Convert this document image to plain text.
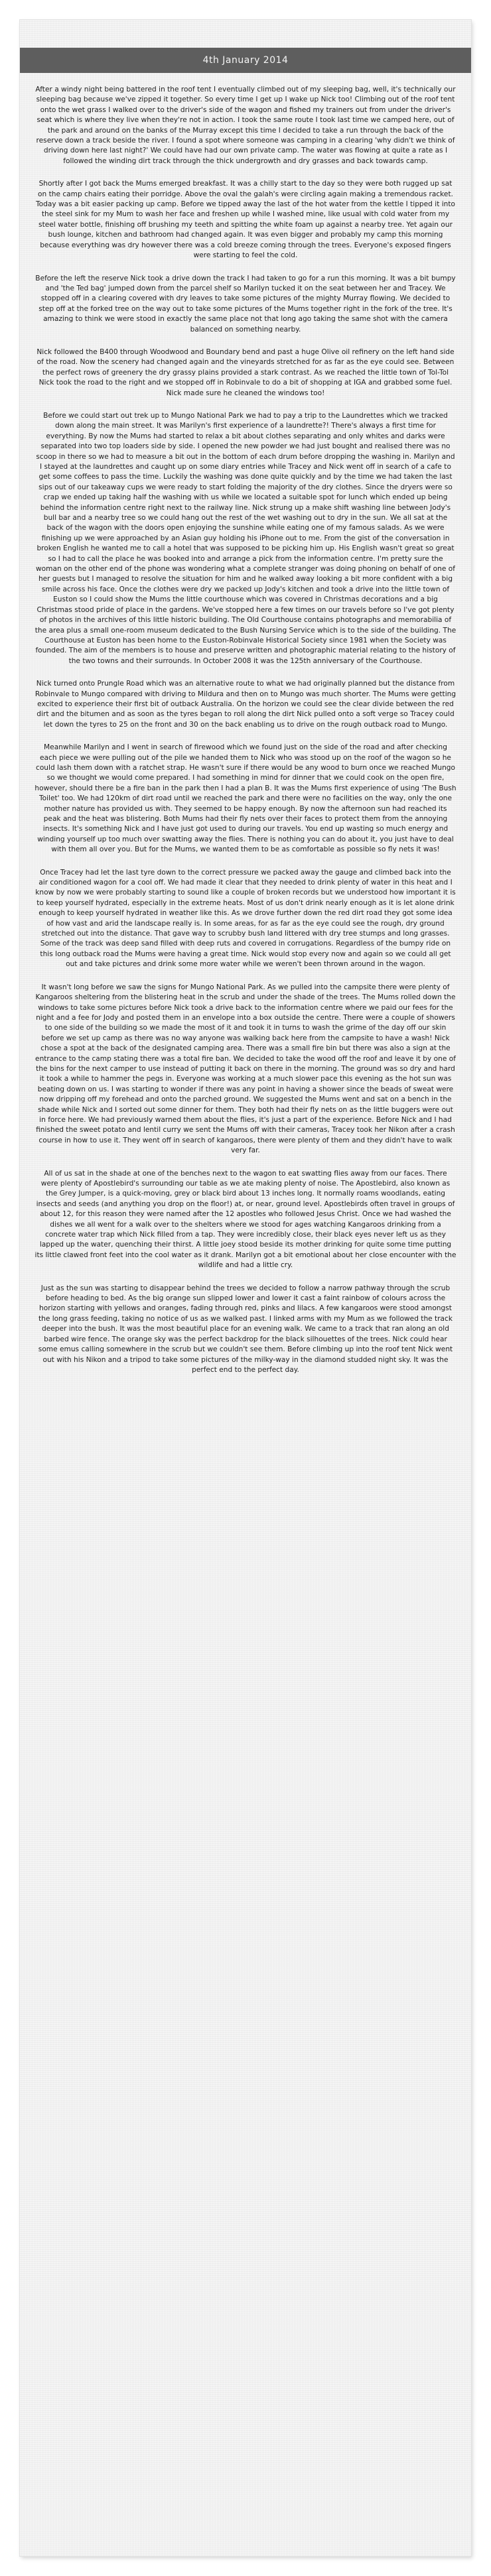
4th January 2014

After a windy night being battered in the roof tent I eventually climbed out of my sleeping bag, well, it's technically our sleeping bag because we've zipped it together. So every time I get up I wake up Nick too! Climbing out of the roof tent onto the wet grass I walked over to the driver's side of the wagon and fished my trainers out from under the driver's seat which is where they live when they're not in action. I took the same route I took last time we camped here, out of the park and around on the banks of the Murray except this time I decided to take a run through the back of the reserve down a track beside the river. I found a spot where someone was camping in a clearing 'why didn't we think of driving down here last night?' We could have had our own private camp. The water was flowing at quite a rate as I followed the winding dirt track through the thick undergrowth and dry grasses and back towards camp.

Shortly after I got back the Mums emerged breakfast. It was a chilly start to the day so they were both rugged up sat on the camp chairs eating their porridge. Above the oval the galah's were circling again making a tremendous racket. Today was a bit easier packing up camp. Before we tipped away the last of the hot water from the kettle I tipped it into the steel sink for my Mum to wash her face and freshen up while I washed mine, like usual with cold water from my steel water bottle, finishing off brushing my teeth and spitting the white foam up against a nearby tree. Yet again our bush lounge, kitchen and bathroom had changed again. It was even bigger and probably my camp this morning because everything was dry however there was a cold breeze coming through the trees. Everyone's exposed fingers were starting to feel the cold.

Before the left the reserve Nick took a drive down the track I had taken to go for a run this morning. It was a bit bumpy and 'the Ted bag' jumped down from the parcel shelf so Marilyn tucked it on the seat between her and Tracey. We stopped off in a clearing covered with dry leaves to take some pictures of the mighty Murray flowing. We decided to step off at the forked tree on the way out to take some pictures of the Mums together right in the fork of the tree. It's amazing to think we were stood in exactly the same place not that long ago taking the same shot with the camera balanced on something nearby.

Nick followed the B400 through Woodwood and Boundary bend and past a huge Olive oil refinery on the left hand side of the road. Now the scenery had changed again and the vineyards stretched for as far as the eye could see. Between the perfect rows of greenery the dry grassy plains provided a stark contrast. As we reached the little town of Tol-Tol Nick took the road to the right and we stopped off in Robinvale to do a bit of shopping at IGA and grabbed some fuel. Nick made sure he cleaned the windows too!

Before we could start out trek up to Mungo National Park we had to pay a trip to the Laundrettes which we tracked down along the main street. It was Marilyn's first experience of a laundrette?! There's always a first time for everything. By now the Mums had started to relax a bit about clothes separating and only whites and darks were separated into two top loaders side by side. I opened the new powder we had just bought and realised there was no scoop in there so we had to measure a bit out in the bottom of each drum before dropping the washing in. Marilyn and I stayed at the laundrettes and caught up on some diary entries while Tracey and Nick went off in search of a cafe to get some coffees to pass the time. Luckily the washing was done quite quickly and by the time we had taken the last sips out of our takeaway cups we were ready to start folding the majority of the dry clothes. Since the dryers were so crap we ended up taking half the washing with us while we located a suitable spot for lunch which ended up being behind the information centre right next to the railway line. Nick strung up a make shift washing line between Jody's bull bar and a nearby tree so we could hang out the rest of the wet washing out to dry in the sun. We all sat at the back of the wagon with the doors open enjoying the sunshine while eating one of my famous salads. As we were finishing up we were approached by an Asian guy holding his iPhone out to me. From the gist of the conversation in broken English he wanted me to call a hotel that was supposed to be picking him up. His English wasn't great so great so I had to call the place he was booked into and arrange a pick from the information centre. I'm pretty sure the woman on the other end of the phone was wondering what a complete stranger was doing phoning on behalf of one of her guests but I managed to resolve the situation for him and he walked away looking a bit more confident with a big smile across his face. Once the clothes were dry we packed up Jody's kitchen and took a drive into the little town of Euston so I could show the Mums the little courthouse which was covered in Christmas decorations and a big Christmas stood pride of place in the gardens. We've stopped here a few times on our travels before so I've got plenty of photos in the archives of this little historic building. The Old Courthouse contains photographs and memorabilia of the area plus a small one-room museum dedicated to the Bush Nursing Service which is to the side of the building. The Courthouse at Euston has been home to the Euston-Robinvale Historical Society since 1981 when the Society was founded. The aim of the members is to house and preserve written and photographic material relating to the history of the two towns and their surrounds. In October 2008 it was the 125th anniversary of the Courthouse.

Nick turned onto Prungle Road which was an alternative route to what we had originally planned but the distance from Robinvale to Mungo compared with driving to Mildura and then on to Mungo was much shorter. The Mums were getting excited to experience their first bit of outback Australia. On the horizon we could see the clear divide between the red dirt and the bitumen and as soon as the tyres began to roll along the dirt Nick pulled onto a soft verge so Tracey could let down the tyres to 25 on the front and 30 on the back enabling us to drive on the rough outback road to Mungo.

Meanwhile Marilyn and I went in search of firewood which we found just on the side of the road and after checking each piece we were pulling out of the pile we handed them to Nick who was stood up on the roof of the wagon so he could lash them down with a ratchet strap. He wasn't sure if there would be any wood to burn once we reached Mungo so we thought we would come prepared. I had something in mind for dinner that we could cook on the open fire, however, should there be a fire ban in the park then I had a plan B. It was the Mums first experience of using 'The Bush Toilet' too. We had 120km of dirt road until we reached the park and there were no facilities on the way, only the one mother nature has provided us with. They seemed to be happy enough. By now the afternoon sun had reached its peak and the heat was blistering. Both Mums had their fly nets over their faces to protect them from the annoying insects. It's something Nick and I have just got used to during our travels. You end up wasting so much energy and winding yourself up too much over swatting away the flies. There is nothing you can do about it, you just have to deal with them all over you. But for the Mums, we wanted them to be as comfortable as possible so fly nets it was!

Once Tracey had let the last tyre down to the correct pressure we packed away the gauge and climbed back into the air conditioned wagon for a cool off. We had made it clear that they needed to drink plenty of water in this heat and I know by now we were probably starting to sound like a couple of broken records but we understood how important it is to keep yourself hydrated, especially in the extreme heats. Most of us don't drink nearly enough as it is let alone drink enough to keep yourself hydrated in weather like this. As we drove further down the red dirt road they got some idea of how vast and arid the landscape really is. In some areas, for as far as the eye could see the rough, dry ground stretched out into the distance. That gave way to scrubby bush land littered with dry tree stumps and long grasses. Some of the track was deep sand filled with deep ruts and covered in corrugations. Regardless of the bumpy ride on this long outback road the Mums were having a great time. Nick would stop every now and again so we could all get out and take pictures and drink some more water while we weren't been thrown around in the wagon.

It wasn't long before we saw the signs for Mungo National Park. As we pulled into the campsite there were plenty of Kangaroos sheltering from the blistering heat in the scrub and under the shade of the trees. The Mums rolled down the windows to take some pictures before Nick took a drive back to the information centre where we paid our fees for the night and a fee for Jody and posted them in an envelope into a box outside the centre. There were a couple of showers to one side of the building so we made the most of it and took it in turns to wash the grime of the day off our skin before we set up camp as there was no way anyone was walking back here from the campsite to have a wash! Nick chose a spot at the back of the designated camping area. There was a small fire bin but there was also a sign at the entrance to the camp stating there was a total fire ban. We decided to take the wood off the roof and leave it by one of the bins for the next camper to use instead of putting it back on there in the morning. The ground was so dry and hard it took a while to hammer the pegs in. Everyone was working at a much slower pace this evening as the hot sun was beating down on us. I was starting to wonder if there was any point in having a shower since the beads of sweat were now dripping off my forehead and onto the parched ground. We suggested the Mums went and sat on a bench in the shade while Nick and I sorted out some dinner for them. They both had their fly nets on as the little buggers were out in force here. We had previously warned them about the flies, it's just a part of the experience. Before Nick and I had finished the sweet potato and lentil curry we sent the Mums off with their cameras, Tracey took her Nikon after a crash course in how to use it. They went off in search of kangaroos, there were plenty of them and they didn't have to walk very far.

All of us sat in the shade at one of the benches next to the wagon to eat swatting flies away from our faces. There were plenty of Apostlebird's surrounding our table as we ate making plenty of noise. The Apostlebird, also known as the Grey Jumper, is a quick-moving, grey or black bird about 13 inches long. It normally roams woodlands, eating insects and seeds (and anything you drop on the floor!) at, or near, ground level. Apostlebirds often travel in groups of about 12, for this reason they were named after the 12 apostles who followed Jesus Christ. Once we had washed the dishes we all went for a walk over to the shelters where we stood for ages watching Kangaroos drinking from a concrete water trap which Nick filled from a tap. They were incredibly close, their black eyes never left us as they lapped up the water, quenching their thirst. A little joey stood beside its mother drinking for quite some time putting its little clawed front feet into the cool water as it drank. Marilyn got a bit emotional about her close encounter with the wildlife and had a little cry.

Just as the sun was starting to disappear behind the trees we decided to follow a narrow pathway through the scrub before heading to bed. As the big orange sun slipped lower and lower it cast a faint rainbow of colours across the horizon starting with yellows and oranges, fading through red, pinks and lilacs. A few kangaroos were stood amongst the long grass feeding, taking no notice of us as we walked past. I linked arms with my Mum as we followed the track deeper into the bush. It was the most beautiful place for an evening walk. We came to a track that ran along an old barbed wire fence. The orange sky was the perfect backdrop for the black silhouettes of the trees. Nick could hear some emus calling somewhere in the scrub but we couldn't see them. Before climbing up into the roof tent Nick went out with his Nikon and a tripod to take some pictures of the milky-way in the diamond studded night sky. It was the perfect end to the perfect day.
